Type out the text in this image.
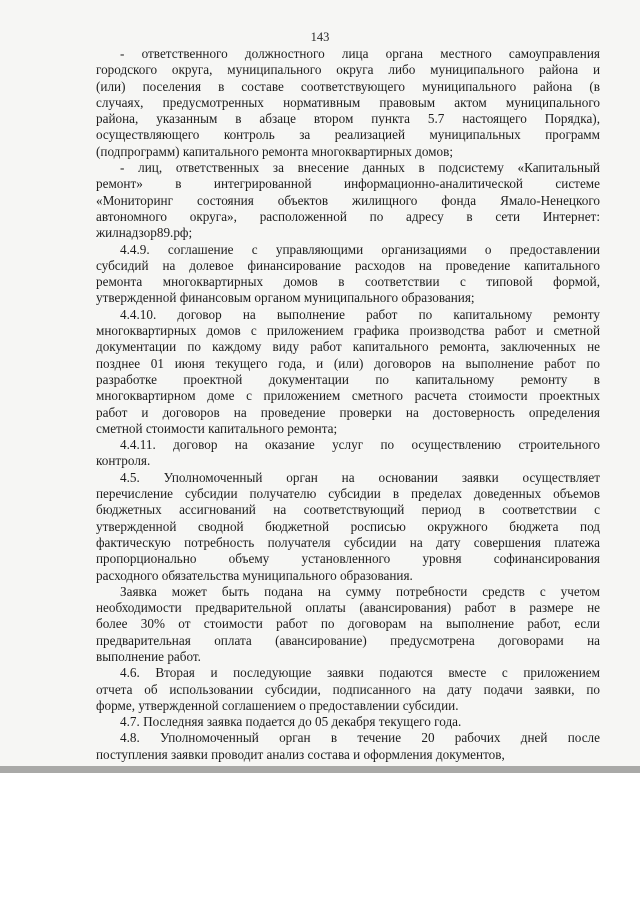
143
- ответственного должностного лица органа местного самоуправления
городского округа, муниципального округа либо муниципального района и
(или) поселения в составе соответствующего муниципального района (в
случаях, предусмотренных нормативным правовым актом муниципального
района, указанным в абзаце втором пункта 5.7 настоящего Порядка),
осуществляющего контроль за реализацией муниципальных программ
(подпрограмм) капитального ремонта многоквартирных домов;
- лиц, ответственных за внесение данных в подсистему «Капитальный
ремонт» в интегрированной информационно-аналитической системе
«Мониторинг состояния объектов жилищного фонда Ямало-Ненецкого
автономного округа», расположенной по адресу в сети Интернет:
жилнадзор89.рф;
4.4.9. соглашение с управляющими организациями о предоставлении
субсидий на долевое финансирование расходов на проведение капитального
ремонта многоквартирных домов в соответствии с типовой формой,
утвержденной финансовым органом муниципального образования;
4.4.10. договор на выполнение работ по капитальному ремонту
многоквартирных домов с приложением графика производства работ и сметной
документации по каждому виду работ капитального ремонта, заключенных не
позднее 01 июня текущего года, и (или) договоров на выполнение работ по
разработке проектной документации по капитальному ремонту в
многоквартирном доме с приложением сметного расчета стоимости проектных
работ и договоров на проведение проверки на достоверность определения
сметной стоимости капитального ремонта;
4.4.11. договор на оказание услуг по осуществлению строительного
контроля.
4.5. Уполномоченный орган на основании заявки осуществляет
перечисление субсидии получателю субсидии в пределах доведенных объемов
бюджетных ассигнований на соответствующий период в соответствии с
утвержденной сводной бюджетной росписью окружного бюджета под
фактическую потребность получателя субсидии на дату совершения платежа
пропорционально объему установленного уровня софинансирования
расходного обязательства муниципального образования.
Заявка может быть подана на сумму потребности средств с учетом
необходимости предварительной оплаты (авансирования) работ в размере не
более 30% от стоимости работ по договорам на выполнение работ, если
предварительная оплата (авансирование) предусмотрена договорами на
выполнение работ.
4.6. Вторая и последующие заявки подаются вместе с приложением
отчета об использовании субсидии, подписанного на дату подачи заявки, по
форме, утвержденной соглашением о предоставлении субсидии.
4.7. Последняя заявка подается до 05 декабря текущего года.
4.8. Уполномоченный орган в течение 20 рабочих дней после
поступления заявки проводит анализ состава и оформления документов,
